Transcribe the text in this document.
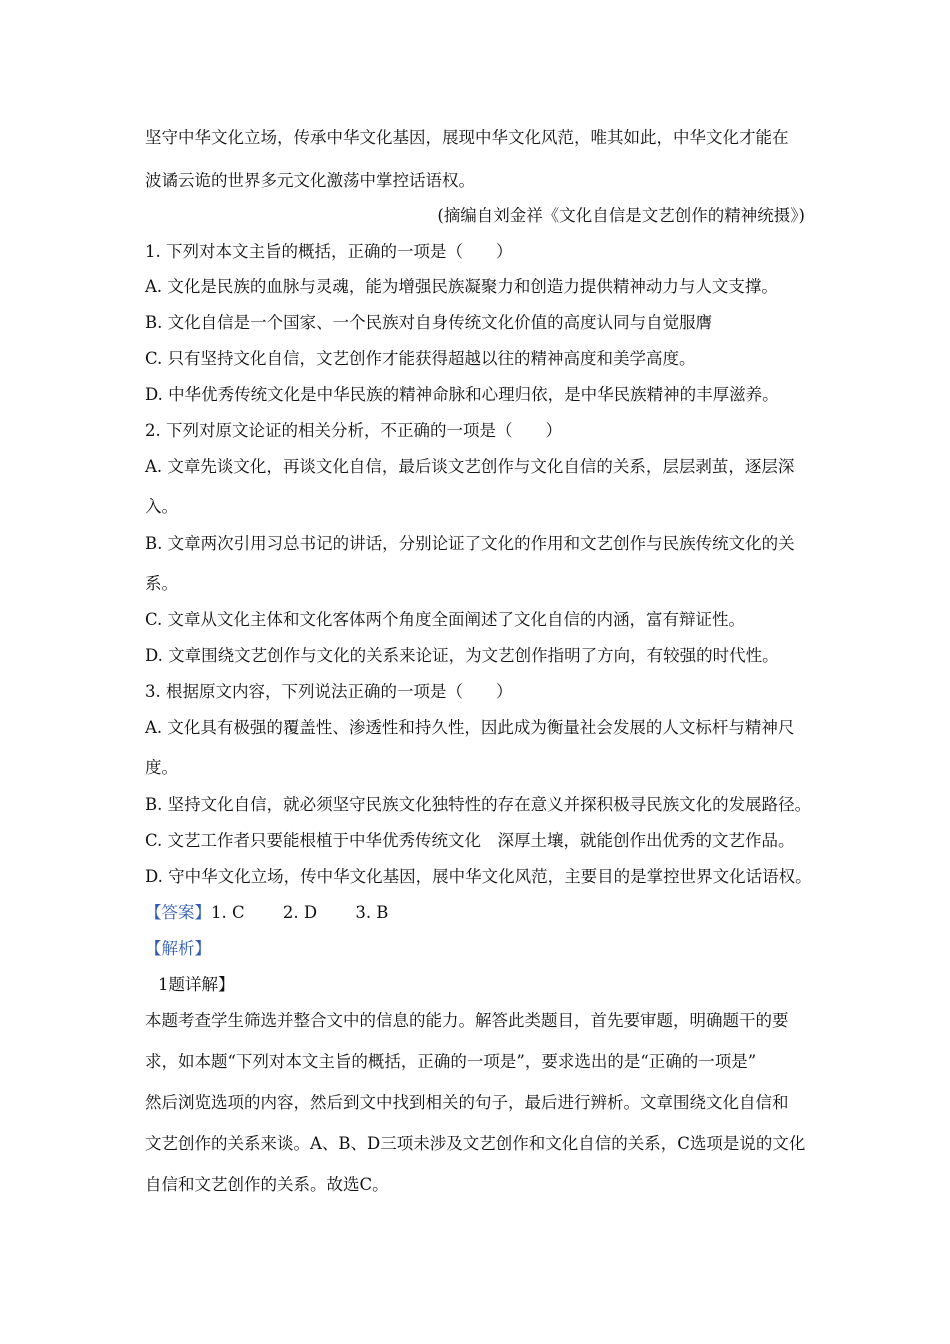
坚守中华文化立场，传承中华文化基因，展现中华文化风范，唯其如此，中华文化才能在
波谲云诡的世界多元文化激荡中掌控话语权。
(摘编自刘金祥《文化自信是文艺创作的精神统摄》)
1. 下列对本文主旨的概括，正确的一项是（　　）
A. 文化是民族的血脉与灵魂，能为增强民族凝聚力和创造力提供精神动力与人文支撑。
B. 文化自信是一个国家、一个民族对自身传统文化价值的高度认同与自觉服膺
C. 只有坚持文化自信，文艺创作才能获得超越以往的精神高度和美学高度。
D. 中华优秀传统文化是中华民族的精神命脉和心理归依，是中华民族精神的丰厚滋养。
2. 下列对原文论证的相关分析，不正确的一项是（　　）
A. 文章先谈文化，再谈文化自信，最后谈文艺创作与文化自信的关系，层层剥茧，逐层深
入。
B. 文章两次引用习总书记的讲话，分别论证了文化的作用和文艺创作与民族传统文化的关
系。
C. 文章从文化主体和文化客体两个角度全面阐述了文化自信的内涵，富有辩证性。
D. 文章围绕文艺创作与文化的关系来论证，为文艺创作指明了方向，有较强的时代性。
3. 根据原文内容，下列说法正确的一项是（　　）
A. 文化具有极强的覆盖性、渗透性和持久性，因此成为衡量社会发展的人文标杆与精神尺
度。
B. 坚持文化自信，就必须坚守民族文化独特性的存在意义并探积极寻民族文化的发展路径。
C. 文艺工作者只要能根植于中华优秀传统文化　深厚土壤，就能创作出优秀的文艺作品。
D. 守中华文化立场，传中华文化基因，展中华文化风范，主要目的是掌控世界文化话语权。
【答案】1. C　　 2. D　　 3. B
【解析】
1题详解】
本题考查学生筛选并整合文中的信息的能力。解答此类题目，首先要审题，明确题干的要
求，如本题“下列对本文主旨的概括，正确的一项是”，要求选出的是“正确的一项是”
然后浏览选项的内容，然后到文中找到相关的句子，最后进行辨析。文章围绕文化自信和
文艺创作的关系来谈。A、B、D三项未涉及文艺创作和文化自信的关系，C选项是说的文化
自信和文艺创作的关系。故选C。
